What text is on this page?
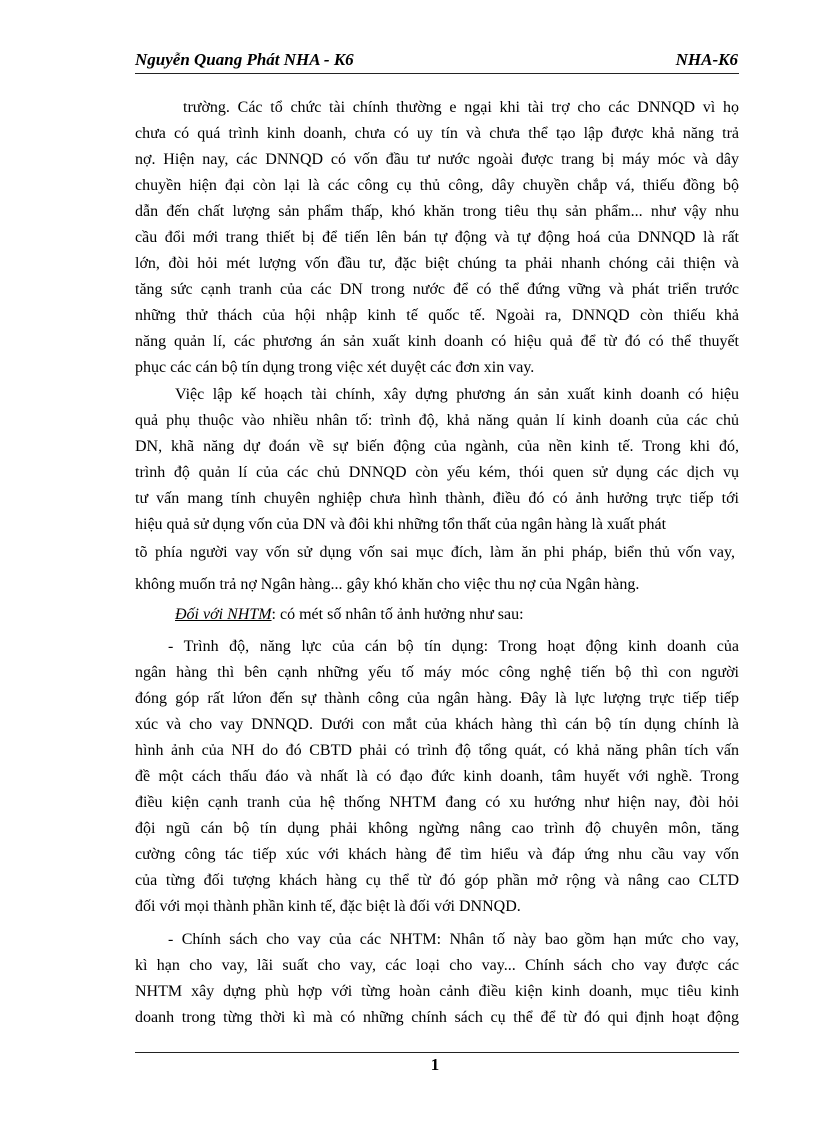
Nguyễn Quang Phát NHA - K6	NHA-K6
trường. Các tổ chức tài chính thường e ngại khi tài trợ cho các DNNQD vì họ
chưa có quá trình kinh doanh, chưa có uy tín và chưa thể tạo lập được khả năng trả
nợ. Hiện nay, các DNNQD có vốn đầu tư nước ngoài được trang bị máy móc và dây
chuyền hiện đại còn lại là các công cụ thủ công, dây chuyền chắp vá, thiếu đồng bộ
dẫn đến chất lượng sản phẩm thấp, khó khăn trong tiêu thụ sản phẩm... như vậy nhu
cầu đổi mới trang thiết bị để tiến lên bán tự động và tự động hoá của DNNQD là rất
lớn, đòi hỏi mét lượng vốn đầu tư, đặc biệt chúng ta phải nhanh chóng cải thiện và
tăng sức cạnh tranh của các DN trong nước để có thể đứng vững và phát triển trước
những thử thách của hội nhập kinh tế quốc tế. Ngoài ra, DNNQD còn thiếu khả
năng quản lí, các phương án sản xuất kinh doanh có hiệu quả để từ đó có thể thuyết
phục các cán bộ tín dụng trong việc xét duyệt các đơn xin vay.
Việc lập kế hoạch tài chính, xây dựng phương án sản xuất kinh doanh có hiệu
quả phụ thuộc vào nhiều nhân tố: trình độ, khả năng quản lí kinh doanh của các chủ
DN, khã năng dự đoán về sự biến động của ngành, của nền kinh tế. Trong khi đó,
trình độ quản lí của các chủ DNNQD còn yếu kém, thói quen sử dụng các dịch vụ
tư vấn mang tính chuyên nghiệp chưa hình thành, điều đó có ảnh hưởng trực tiếp tới
hiệu quả sử dụng vốn của DN và đôi khi những tổn thất của ngân hàng là xuất phát
tõ phía người vay vốn sử dụng vốn sai mục đích, làm ăn phi pháp, biển thủ vốn vay,
không muốn trả nợ Ngân hàng... gây khó khăn cho việc thu nợ của Ngân hàng.
Đối với NHTM: có mét số nhân tố ảnh hưởng như sau:
- Trình độ, năng lực của cán bộ tín dụng: Trong hoạt động kinh doanh của
ngân hàng thì bên cạnh những yếu tố máy móc công nghệ tiến bộ thì con người
đóng góp rất lứon đến sự thành công của ngân hàng. Đây là lực lượng trực tiếp tiếp
xúc và cho vay DNNQD. Dưới con mắt của khách hàng thì cán bộ tín dụng chính là
hình ảnh của NH do đó CBTD phải có trình độ tổng quát, có khả năng phân tích vấn
đề một cách thấu đáo và nhất là có đạo đức kinh doanh, tâm huyết với nghề. Trong
điều kiện cạnh tranh của hệ thống NHTM đang có xu hướng như hiện nay, đòi hỏi
đội ngũ cán bộ tín dụng phải không ngừng nâng cao trình độ chuyên môn, tăng
cường công tác tiếp xúc với khách hàng để tìm hiểu và đáp ứng nhu cầu vay vốn
của từng đối tượng khách hàng cụ thể từ đó góp phần mở rộng và nâng cao CLTD
đối với mọi thành phần kinh tế, đặc biệt là đối với DNNQD.
- Chính sách cho vay của các NHTM: Nhân tố này bao gồm hạn mức cho vay,
kì hạn cho vay, lãi suất cho vay, các loại cho vay... Chính sách cho vay được các
NHTM xây dựng phù hợp với từng hoàn cảnh điều kiện kinh doanh, mục tiêu kinh
doanh trong từng thời kì mà có những chính sách cụ thể để từ đó qui định hoạt động
1
